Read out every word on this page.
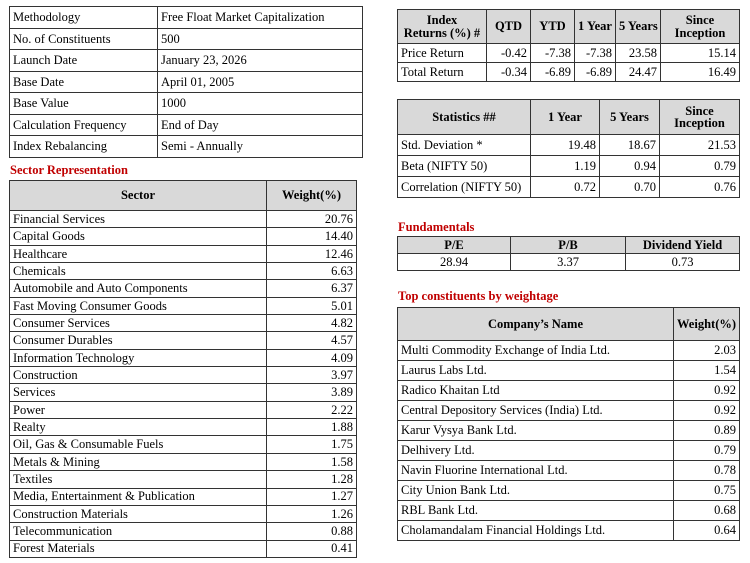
Methodology	Free Float Market Capitalization
No. of Constituents	500
Launch Date	January 23, 2026
Base Date	April 01, 2005
Base Value	1000
Calculation Frequency	End of Day
Index Rebalancing	Semi - Annually
Sector Representation
Sector	Weight(%)
Financial Services	20.76
Capital Goods	14.40
Healthcare	12.46
Chemicals	6.63
Automobile and Auto Components	6.37
Fast Moving Consumer Goods	5.01
Consumer Services	4.82
Consumer Durables	4.57
Information Technology	4.09
Construction	3.97
Services	3.89
Power	2.22
Realty	1.88
Oil, Gas & Consumable Fuels	1.75
Metals & Mining	1.58
Textiles	1.28
Media, Entertainment & Publication	1.27
Construction Materials	1.26
Telecommunication	0.88
Forest Materials	0.41
Index
Returns (%) #	QTD	YTD	1 Year	5 Years	Since
Inception
Price Return	-0.42	-7.38	-7.38	23.58	15.14
Total Return	-0.34	-6.89	-6.89	24.47	16.49
Statistics ##	1 Year	5 Years	Since
Inception
Std. Deviation *	19.48	18.67	21.53
Beta (NIFTY 50)	1.19	0.94	0.79
Correlation (NIFTY 50)	0.72	0.70	0.76
Fundamentals
P/E	P/B	Dividend Yield
28.94	3.37	0.73
Top constituents by weightage
Company’s Name	Weight(%)
Multi Commodity Exchange of India Ltd.	2.03
Laurus Labs Ltd.	1.54
Radico Khaitan Ltd	0.92
Central Depository Services (India) Ltd.	0.92
Karur Vysya Bank Ltd.	0.89
Delhivery Ltd.	0.79
Navin Fluorine International Ltd.	0.78
City Union Bank Ltd.	0.75
RBL Bank Ltd.	0.68
Cholamandalam Financial Holdings Ltd.	0.64
